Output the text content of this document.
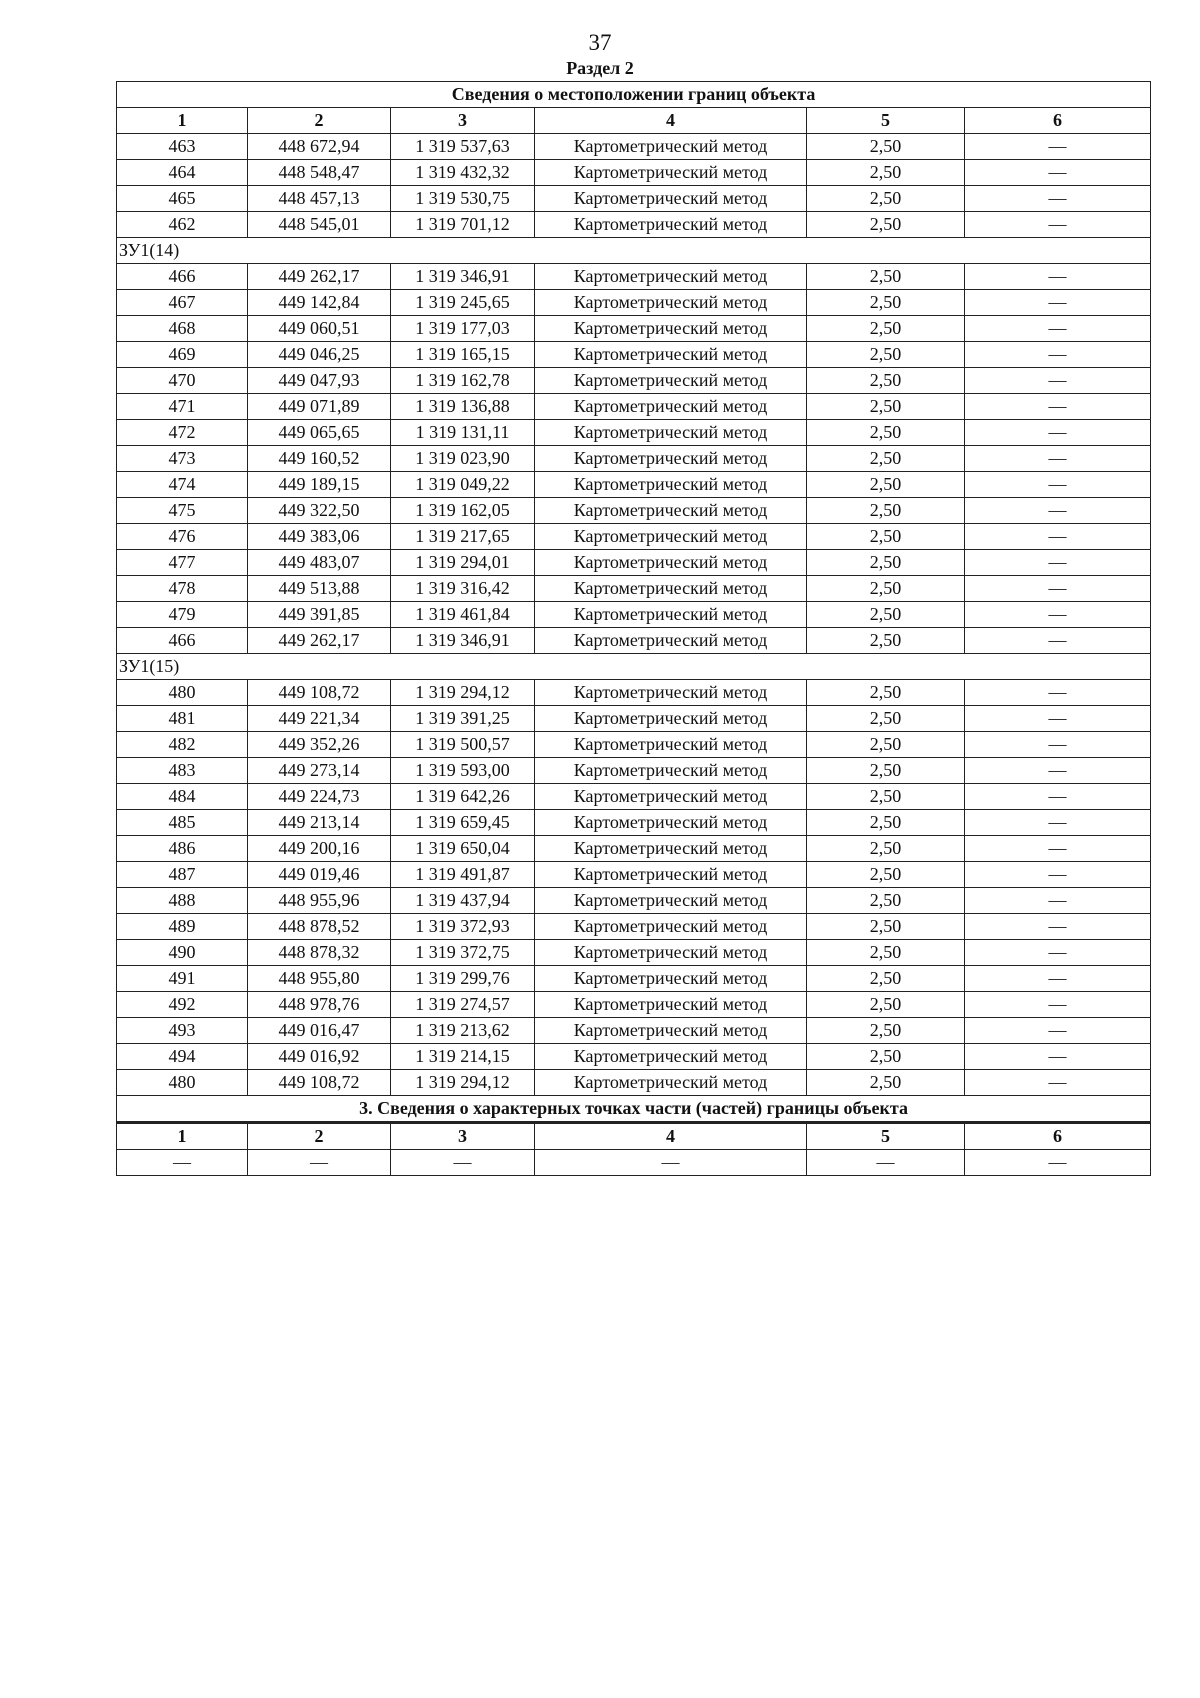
37
Раздел 2
Сведения о местоположении границ объекта					
1	2	3	4	5	6
463	448 672,94	1 319 537,63	Картометрический метод	2,50	—
464	448 548,47	1 319 432,32	Картометрический метод	2,50	—
465	448 457,13	1 319 530,75	Картометрический метод	2,50	—
462	448 545,01	1 319 701,12	Картометрический метод	2,50	—
ЗУ1(14)					
466	449 262,17	1 319 346,91	Картометрический метод	2,50	—
467	449 142,84	1 319 245,65	Картометрический метод	2,50	—
468	449 060,51	1 319 177,03	Картометрический метод	2,50	—
469	449 046,25	1 319 165,15	Картометрический метод	2,50	—
470	449 047,93	1 319 162,78	Картометрический метод	2,50	—
471	449 071,89	1 319 136,88	Картометрический метод	2,50	—
472	449 065,65	1 319 131,11	Картометрический метод	2,50	—
473	449 160,52	1 319 023,90	Картометрический метод	2,50	—
474	449 189,15	1 319 049,22	Картометрический метод	2,50	—
475	449 322,50	1 319 162,05	Картометрический метод	2,50	—
476	449 383,06	1 319 217,65	Картометрический метод	2,50	—
477	449 483,07	1 319 294,01	Картометрический метод	2,50	—
478	449 513,88	1 319 316,42	Картометрический метод	2,50	—
479	449 391,85	1 319 461,84	Картометрический метод	2,50	—
466	449 262,17	1 319 346,91	Картометрический метод	2,50	—
ЗУ1(15)					
480	449 108,72	1 319 294,12	Картометрический метод	2,50	—
481	449 221,34	1 319 391,25	Картометрический метод	2,50	—
482	449 352,26	1 319 500,57	Картометрический метод	2,50	—
483	449 273,14	1 319 593,00	Картометрический метод	2,50	—
484	449 224,73	1 319 642,26	Картометрический метод	2,50	—
485	449 213,14	1 319 659,45	Картометрический метод	2,50	—
486	449 200,16	1 319 650,04	Картометрический метод	2,50	—
487	449 019,46	1 319 491,87	Картометрический метод	2,50	—
488	448 955,96	1 319 437,94	Картометрический метод	2,50	—
489	448 878,52	1 319 372,93	Картометрический метод	2,50	—
490	448 878,32	1 319 372,75	Картометрический метод	2,50	—
491	448 955,80	1 319 299,76	Картометрический метод	2,50	—
492	448 978,76	1 319 274,57	Картометрический метод	2,50	—
493	449 016,47	1 319 213,62	Картометрический метод	2,50	—
494	449 016,92	1 319 214,15	Картометрический метод	2,50	—
480	449 108,72	1 319 294,12	Картометрический метод	2,50	—
3. Сведения о характерных точках части (частей) границы объекта					
1	2	3	4	5	6
—	—	—	—	—	—
